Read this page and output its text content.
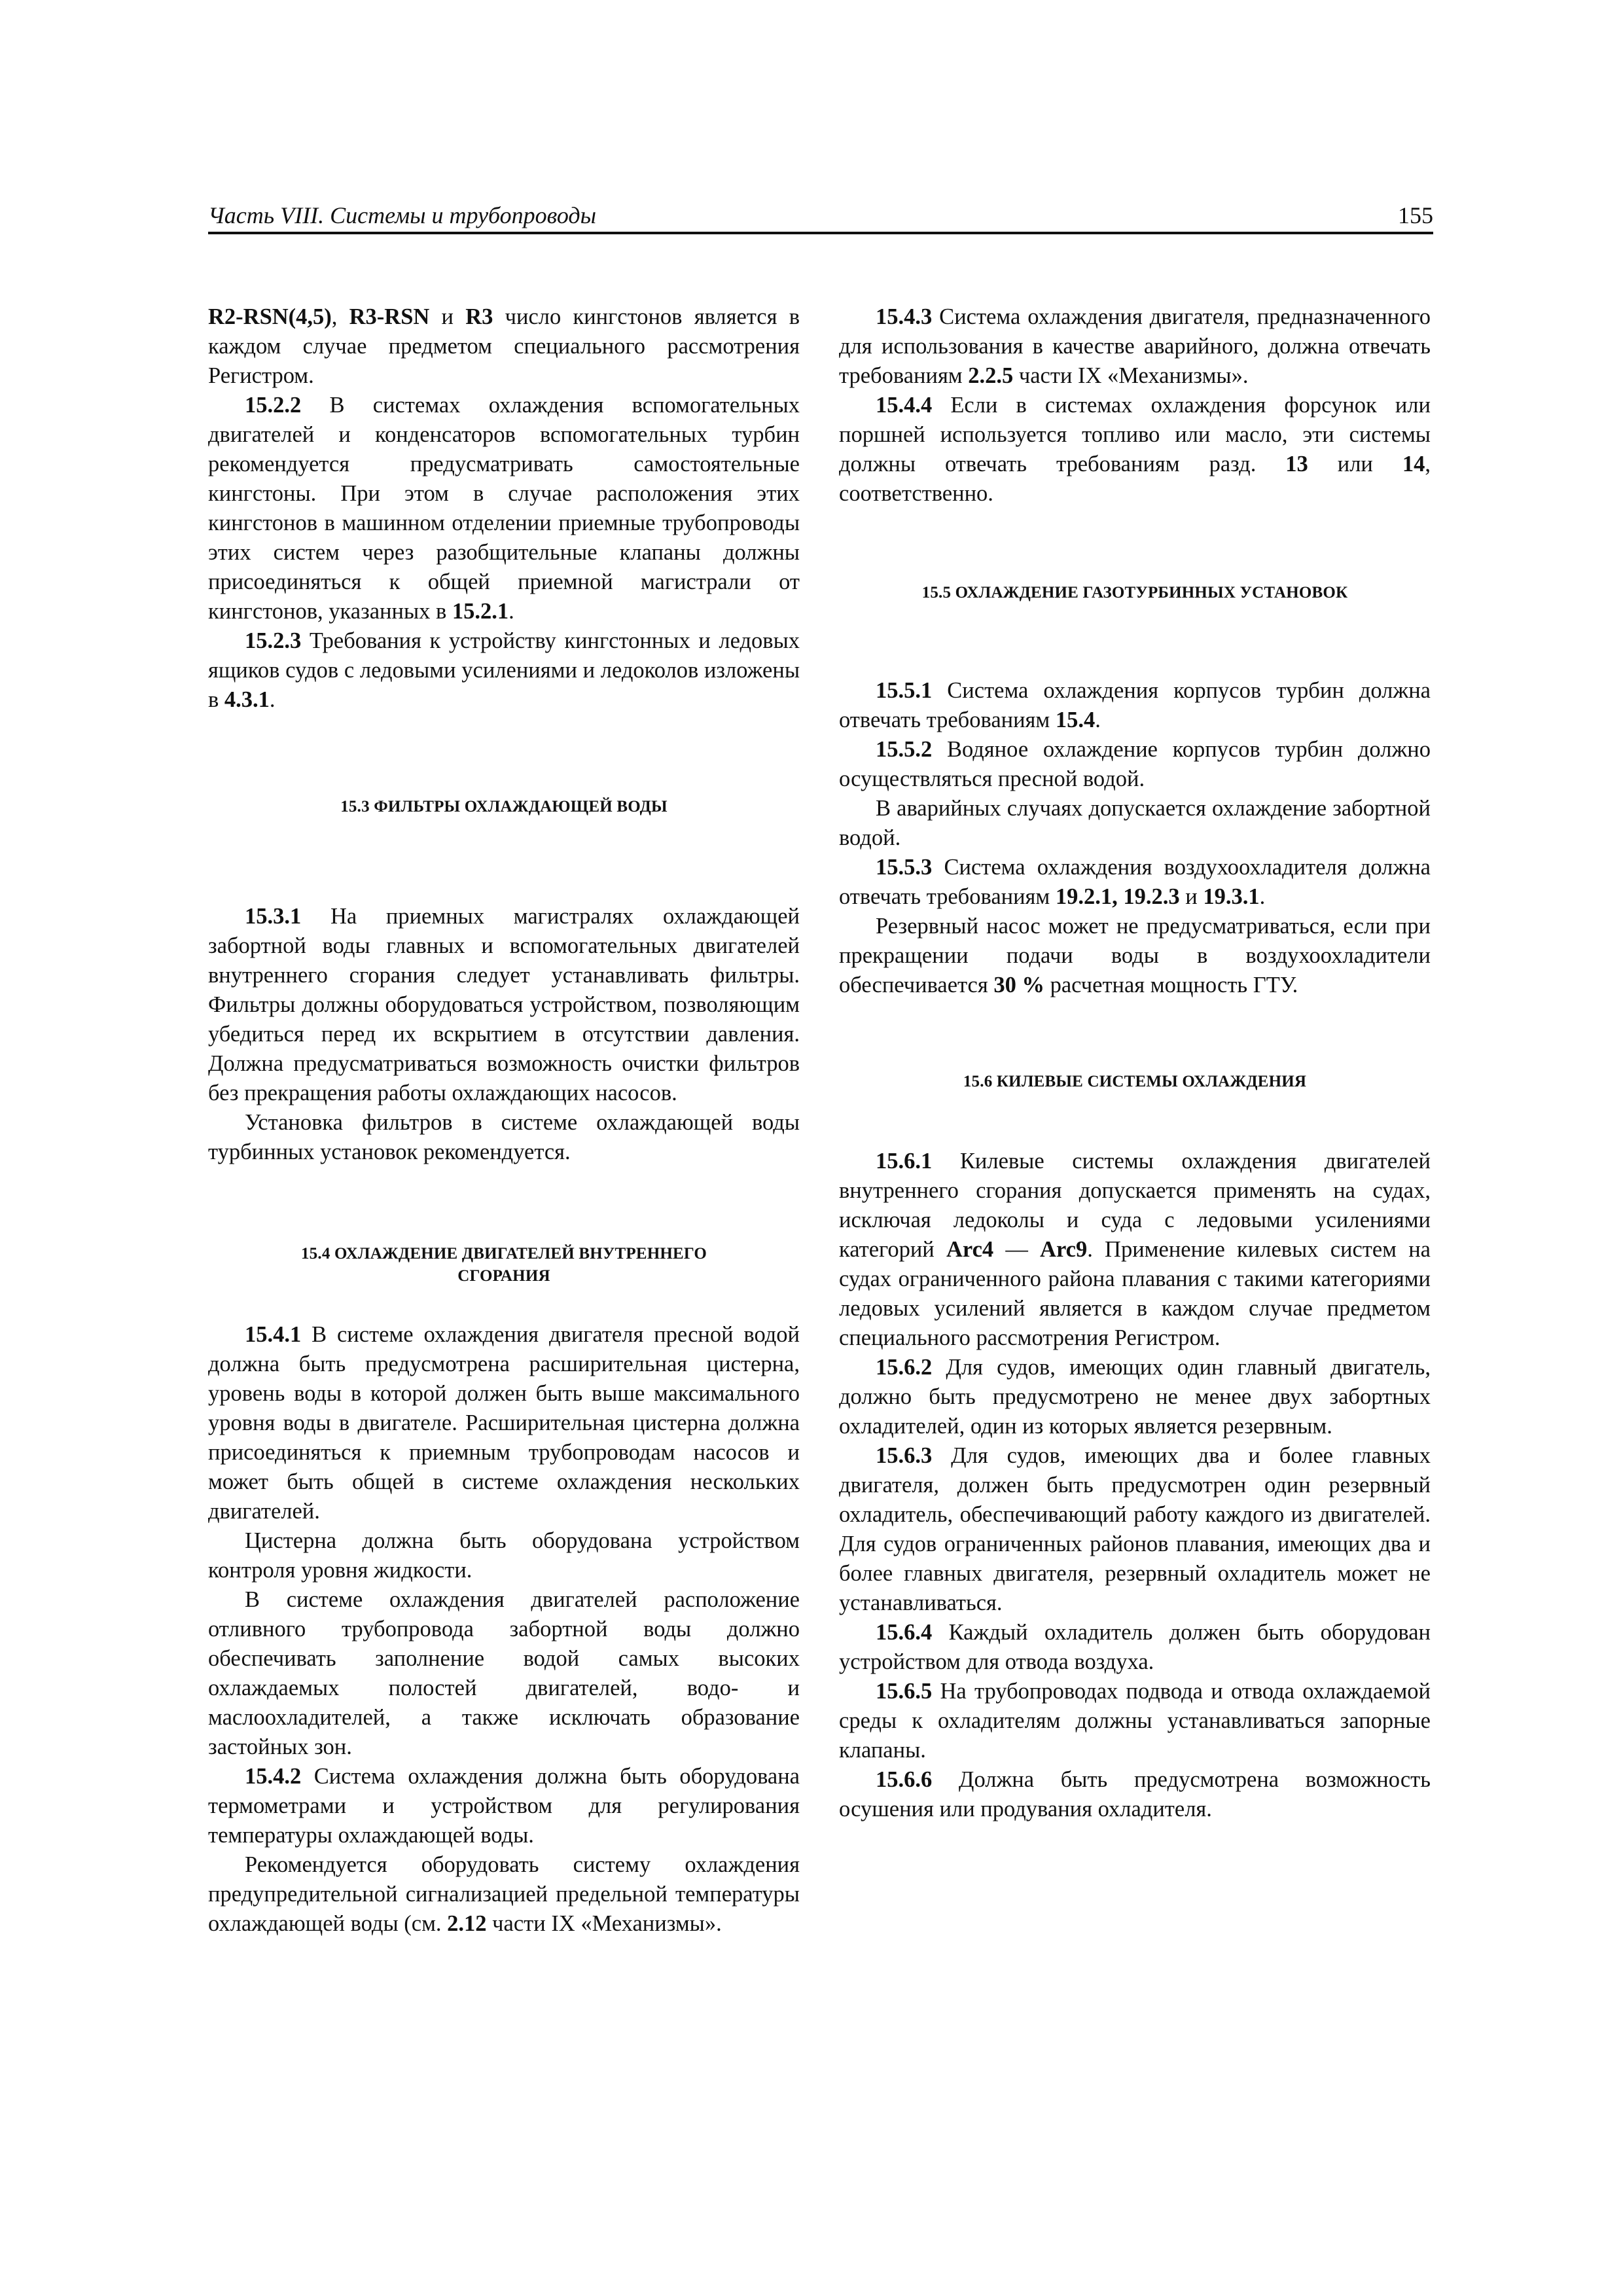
Часть VIII. Системы и трубопроводы	155

R2-RSN(4,5), R3-RSN и R3 число кингстонов является в каждом случае предметом специального рассмотрения Регистром.

15.2.2 В системах охлаждения вспомогательных двигателей и конденсаторов вспомогательных турбин рекомендуется предусматривать самостоятельные кингстоны. При этом в случае расположения этих кингстонов в машинном отделении приемные трубопроводы этих систем через разобщительные клапаны должны присоединяться к общей приемной магистрали от кингстонов, указанных в 15.2.1.

15.2.3 Требования к устройству кингстонных и ледовых ящиков судов с ледовыми усилениями и ледоколов изложены в 4.3.1.

15.3 ФИЛЬТРЫ ОХЛАЖДАЮЩЕЙ ВОДЫ

15.3.1 На приемных магистралях охлаждающей забортной воды главных и вспомогательных двигателей внутреннего сгорания следует устанавливать фильтры. Фильтры должны оборудоваться устройством, позволяющим убедиться перед их вскрытием в отсутствии давления. Должна предусматриваться возможность очистки фильтров без прекращения работы охлаждающих насосов.

Установка фильтров в системе охлаждающей воды турбинных установок рекомендуется.

15.4 ОХЛАЖДЕНИЕ ДВИГАТЕЛЕЙ ВНУТРЕННЕГО
СГОРАНИЯ

15.4.1 В системе охлаждения двигателя пресной водой должна быть предусмотрена расширительная цистерна, уровень воды в которой должен быть выше максимального уровня воды в двигателе. Расширительная цистерна должна присоединяться к приемным трубопроводам насосов и может быть общей в системе охлаждения нескольких двигателей.

Цистерна должна быть оборудована устройством контроля уровня жидкости.

В системе охлаждения двигателей расположение отливного трубопровода забортной воды должно обеспечивать заполнение водой самых высоких охлаждаемых полостей двигателей, водо- и маслоохладителей, а также исключать образование застойных зон.

15.4.2 Система охлаждения должна быть оборудована термометрами и устройством для регулирования температуры охлаждающей воды.

Рекомендуется оборудовать систему охлаждения предупредительной сигнализацией предельной температуры охлаждающей воды (см. 2.12 части IX «Механизмы».

15.4.3 Система охлаждения двигателя, предназначенного для использования в качестве аварийного, должна отвечать требованиям 2.2.5 части IX «Механизмы».

15.4.4 Если в системах охлаждения форсунок или поршней используется топливо или масло, эти системы должны отвечать требованиям разд. 13 или 14, соответственно.

15.5 ОХЛАЖДЕНИЕ ГАЗОТУРБИННЫХ УСТАНОВОК

15.5.1 Система охлаждения корпусов турбин должна отвечать требованиям 15.4.

15.5.2 Водяное охлаждение корпусов турбин должно осуществляться пресной водой.

В аварийных случаях допускается охлаждение забортной водой.

15.5.3 Система охлаждения воздухоохладителя должна отвечать требованиям 19.2.1, 19.2.3 и 19.3.1.

Резервный насос может не предусматриваться, если при прекращении подачи воды в воздухоохладители обеспечивается 30 % расчетная мощность ГТУ.

15.6 КИЛЕВЫЕ СИСТЕМЫ ОХЛАЖДЕНИЯ

15.6.1 Килевые системы охлаждения двигателей внутреннего сгорания допускается применять на судах, исключая ледоколы и суда с ледовыми усилениями категорий Arc4 — Arc9. Применение килевых систем на судах ограниченного района плавания с такими категориями ледовых усилений является в каждом случае предметом специального рассмотрения Регистром.

15.6.2 Для судов, имеющих один главный двигатель, должно быть предусмотрено не менее двух забортных охладителей, один из которых является резервным.

15.6.3 Для судов, имеющих два и более главных двигателя, должен быть предусмотрен один резервный охладитель, обеспечивающий работу каждого из двигателей. Для судов ограниченных районов плавания, имеющих два и более главных двигателя, резервный охладитель может не устанавливаться.

15.6.4 Каждый охладитель должен быть оборудован устройством для отвода воздуха.

15.6.5 На трубопроводах подвода и отвода охлаждаемой среды к охладителям должны устанавливаться запорные клапаны.

15.6.6 Должна быть предусмотрена возможность осушения или продувания охладителя.
